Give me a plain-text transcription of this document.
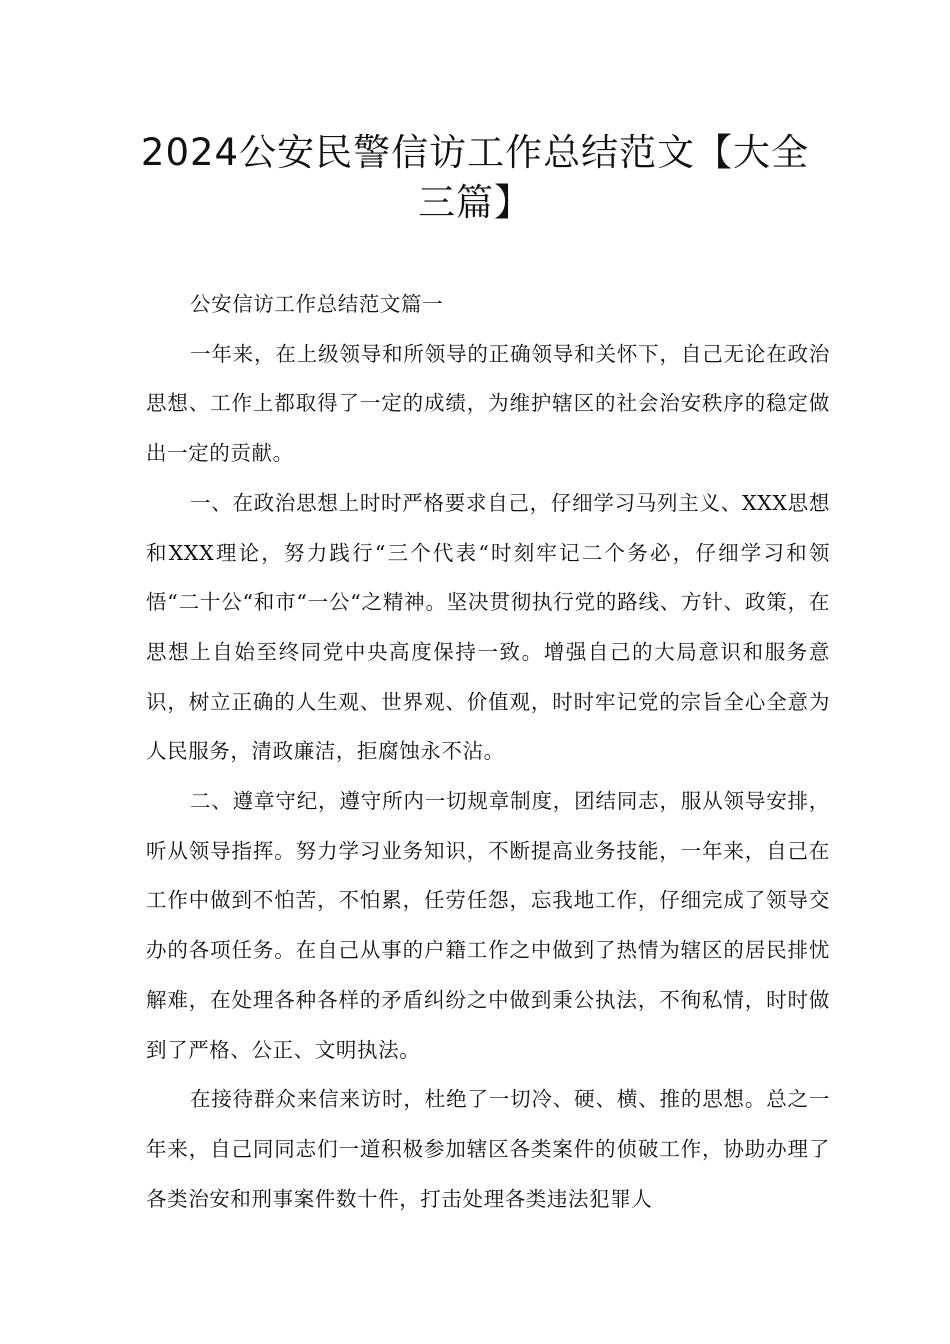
2024公安民警信访工作总结范文【大全三篇】

公安信访工作总结范文篇一

一年来，在上级领导和所领导的正确领导和关怀下，自己无论在政治思想、工作上都取得了一定的成绩，为维护辖区的社会治安秩序的稳定做出一定的贡献。

一、在政治思想上时时严格要求自己，仔细学习马列主义、XXX思想和XXX理论，努力践行“三个代表“时刻牢记二个务必，仔细学习和领悟“二十公“和市“一公“之精神。坚决贯彻执行党的路线、方针、政策，在思想上自始至终同党中央高度保持一致。增强自己的大局意识和服务意识，树立正确的人生观、世界观、价值观，时时牢记党的宗旨全心全意为人民服务，清政廉洁，拒腐蚀永不沾。

二、遵章守纪，遵守所内一切规章制度，团结同志，服从领导安排，听从领导指挥。努力学习业务知识，不断提高业务技能，一年来，自己在工作中做到不怕苦，不怕累，任劳任怨，忘我地工作，仔细完成了领导交办的各项任务。在自己从事的户籍工作之中做到了热情为辖区的居民排忧解难，在处理各种各样的矛盾纠纷之中做到秉公执法，不徇私情，时时做到了严格、公正、文明执法。

在接待群众来信来访时，杜绝了一切冷、硬、横、推的思想。总之一年来，自己同同志们一道积极参加辖区各类案件的侦破工作，协助办理了各类治安和刑事案件数十件，打击处理各类违法犯罪人
